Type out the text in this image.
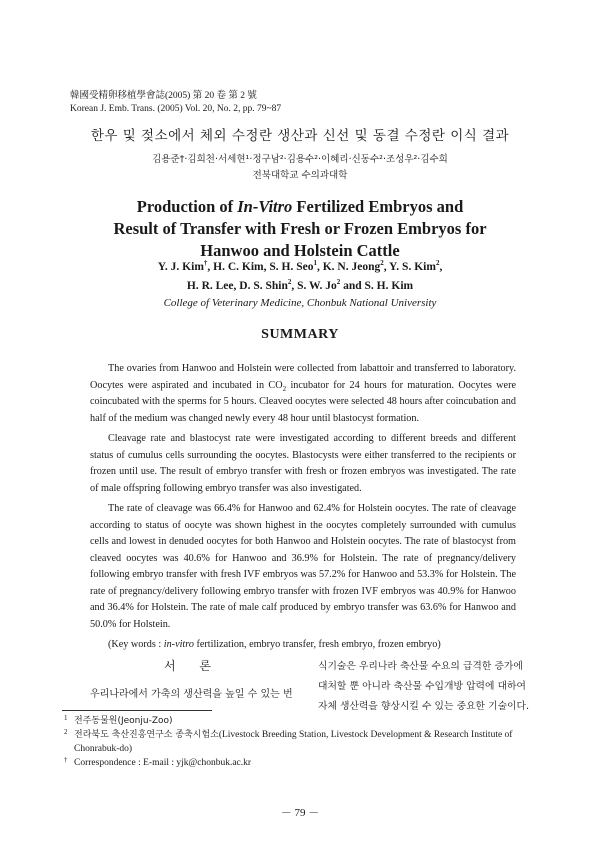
韓國受精卵移植學會誌(2005) 第 20 卷 第 2 號
Korean J. Emb. Trans. (2005) Vol. 20, No. 2, pp. 79~87
한우 및 젖소에서 체외 수정란 생산과 신선 및 동결 수정란 이식 결과
김용준†·김희천·서세현¹·정구남²·김용수²·이혜리·신동수²·조성우²·김수희
전북대학교 수의과대학
Production of In-Vitro Fertilized Embryos and
Result of Transfer with Fresh or Frozen Embryos for
Hanwoo and Holstein Cattle
Y. J. Kim†, H. C. Kim, S. H. Seo$^1$, K. N. Jeong$^2$, Y. S. Kim$^2$,
H. R. Lee, D. S. Shin$^2$, S. W. Jo$^2$ and S. H. Kim
College of Veterinary Medicine, Chonbuk National University
SUMMARY

The ovaries from Hanwoo and Holstein were collected from labattoir and transferred to laboratory. Oocytes were aspirated and incubated in $CO_2$ incubator for 24 hours for maturation. Oocytes were coincubated with the sperms for 5 hours. Cleaved oocytes were selected 48 hours after coincubation and half of the medium was changed newly every 48 hour until blastocyst formation.

Cleavage rate and blastocyst rate were investigated according to different breeds and different status of cumulus cells surrounding the oocytes. Blastocysts were either transferred to the recipients or frozen until use. The result of embryo transfer with fresh or frozen embryos was investigated. The rate of male offspring following embryo transfer was also investigated.

The rate of cleavage was 66.4% for Hanwoo and 62.4% for Holstein oocytes. The rate of cleavage according to status of oocyte was shown highest in the oocytes completely surrounded with cumulus cells and lowest in denuded oocytes for both Hanwoo and Holstein oocytes. The rate of blastocyst from cleaved oocytes was 40.6% for Hanwoo and 36.9% for Holstein. The rate of pregnancy/delivery following embryo transfer with fresh IVF embryos was 57.2% for Hanwoo and 53.3% for Holstein. The rate of pregnancy/delivery following embryo transfer with frozen IVF embryos was 40.9% for Hanwoo and 36.4% for Holstein. The rate of male calf produced by embryo transfer was 63.6% for Hanwoo and 50.0% for Holstein.

(Key words : in-vitro fertilization, embryo transfer, fresh embryo, frozen embryo)

서 론
우리나라에서 가축의 생산력을 높일 수 있는 번
식기술은 우리나라 축산물 수요의 급격한 증가에
대처할 뿐 아니라 축산물 수입개방 압력에 대하여
자체 생산력을 향상시킬 수 있는 중요한 기술이다.
1 전주동물원(Jeonju-Zoo)
2 전라북도 축산진흥연구소 종축시험소(Livestock Breeding Station, Livestock Development & Research Institute of Chonrabuk-do)
† Correspondence : E-mail : yjk@chonbuk.ac.kr
－ 79 －
